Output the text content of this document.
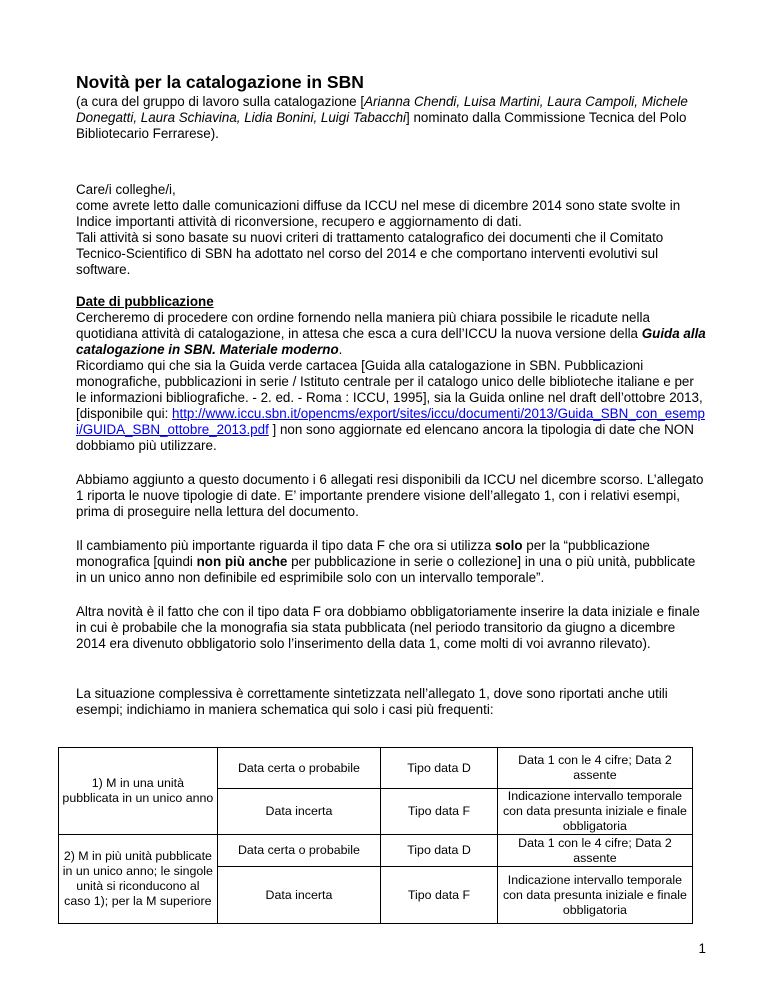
Novità per la catalogazione in SBN

(a cura del gruppo di lavoro sulla catalogazione [Arianna Chendi, Luisa Martini, Laura Campoli, Michele Donegatti, Laura Schiavina, Lidia Bonini, Luigi Tabacchi] nominato dalla Commissione Tecnica del Polo Bibliotecario Ferrarese).

Care/i colleghe/i,

come avrete letto dalle comunicazioni diffuse da ICCU nel mese di dicembre 2014 sono state svolte in Indice importanti attività di riconversione, recupero e aggiornamento di dati.

Tali attività si sono basate su nuovi criteri di trattamento catalografico dei documenti che il Comitato Tecnico-Scientifico di SBN ha adottato nel corso del 2014 e che comportano interventi evolutivi sul software.

Date di pubblicazione

Cercheremo di procedere con ordine fornendo nella maniera più chiara possibile le ricadute nella quotidiana attività di catalogazione, in attesa che esca a cura dell’ICCU la nuova versione della Guida alla catalogazione in SBN. Materiale moderno.

Ricordiamo qui che sia la Guida verde cartacea [Guida alla catalogazione in SBN. Pubblicazioni monografiche, pubblicazioni in serie / Istituto centrale per il catalogo unico delle biblioteche italiane e per le informazioni bibliografiche. - 2. ed. - Roma : ICCU, 1995], sia la Guida online nel draft dell’ottobre 2013, [disponibile qui: http://www.iccu.sbn.it/opencms/export/sites/iccu/documenti/2013/Guida_SBN_con_esempi/GUIDA_SBN_ottobre_2013.pdf ] non sono aggiornate ed elencano ancora la tipologia di date che NON dobbiamo più utilizzare.

Abbiamo aggiunto a questo documento i 6 allegati resi disponibili da ICCU nel dicembre scorso. L’allegato 1 riporta le nuove tipologie di date. E’ importante prendere visione dell’allegato 1, con i relativi esempi, prima di proseguire nella lettura del documento.

Il cambiamento più importante riguarda il tipo data F che ora si utilizza solo per la “pubblicazione monografica [quindi non più anche per pubblicazione in serie o collezione] in una o più unità, pubblicate in un unico anno non definibile ed esprimibile solo con un intervallo temporale”.

Altra novità è il fatto che con il tipo data F ora dobbiamo obbligatoriamente inserire la data iniziale e finale in cui è probabile che la monografia sia stata pubblicata (nel periodo transitorio da giugno a dicembre 2014 era divenuto obbligatorio solo l’inserimento della data 1, come molti di voi avranno rilevato).

La situazione complessiva è correttamente sintetizzata nell’allegato 1, dove sono riportati anche utili esempi; indichiamo in maniera schematica qui solo i casi più frequenti:

1) M in una unità pubblicata in un unico anno	Data certa o probabile	Tipo data D	Data 1 con le 4 cifre; Data 2 assente
	Data incerta	Tipo data F	Indicazione intervallo temporale con data presunta iniziale e finale obbligatoria
2) M in più unità pubblicate in un unico anno; le singole unità si riconducono al caso 1); per la M superiore	Data certa o probabile	Tipo data D	Data 1 con le 4 cifre; Data 2 assente
	Data incerta	Tipo data F	Indicazione intervallo temporale con data presunta iniziale e finale obbligatoria
1
